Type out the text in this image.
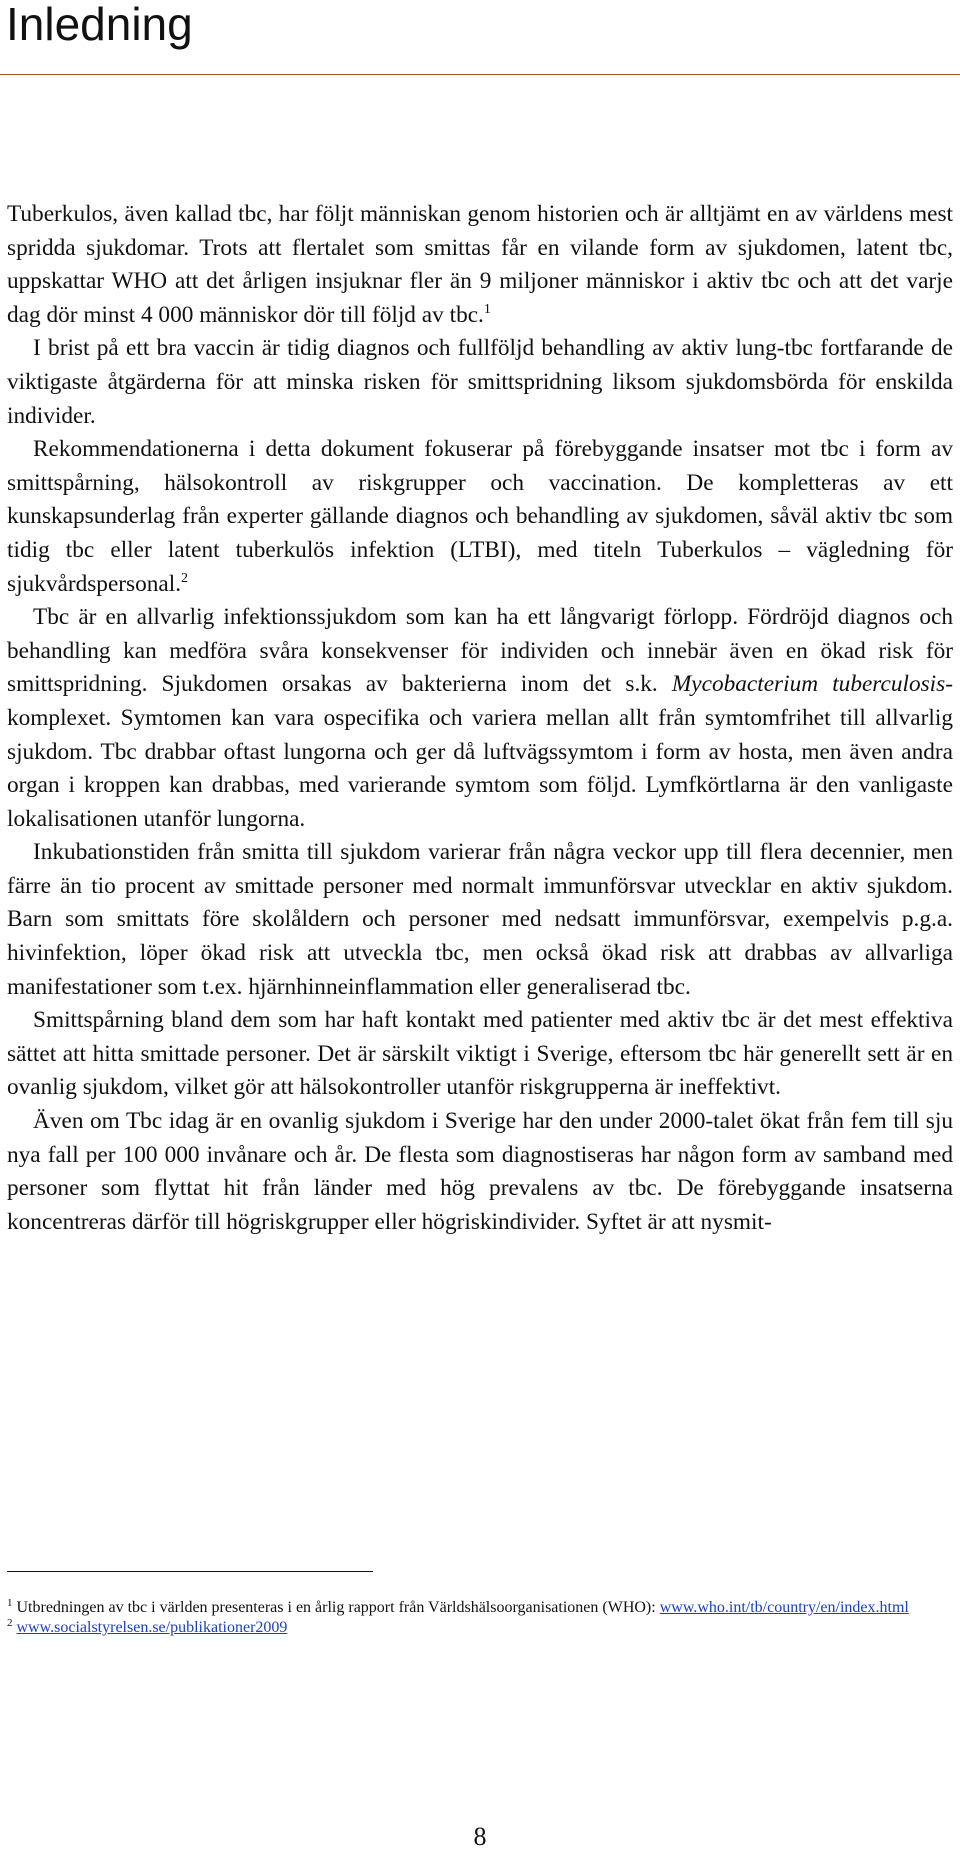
Inledning

Tuberkulos, även kallad tbc, har följt människan genom historien och är alltjämt en av världens mest spridda sjukdomar. Trots att flertalet som smittas får en vilande form av sjukdomen, latent tbc, uppskattar WHO att det årligen insjuknar fler än 9 miljoner människor i aktiv tbc och att det varje dag dör minst 4 000 människor dör till följd av tbc.$^1$

I brist på ett bra vaccin är tidig diagnos och fullföljd behandling av aktiv lung-tbc fortfarande de viktigaste åtgärderna för att minska risken för smittspridning liksom sjukdomsbörda för enskilda individer.

Rekommendationerna i detta dokument fokuserar på förebyggande insatser mot tbc i form av smittspårning, hälsokontroll av riskgrupper och vaccination. De kompletteras av ett kunskapsunderlag från experter gällande diagnos och behandling av sjukdomen, såväl aktiv tbc som tidig tbc eller latent tuberkulös infektion (LTBI), med titeln Tuberkulos – vägledning för sjukvårdspersonal.$^2$

Tbc är en allvarlig infektionssjukdom som kan ha ett långvarigt förlopp. Fördröjd diagnos och behandling kan medföra svåra konsekvenser för individen och innebär även en ökad risk för smittspridning. Sjukdomen orsakas av bakterierna inom det s.k. Mycobacterium tuberculosis-komplexet. Symtomen kan vara ospecifika och variera mellan allt från symtomfrihet till allvarlig sjukdom. Tbc drabbar oftast lungorna och ger då luftvägssymtom i form av hosta, men även andra organ i kroppen kan drabbas, med varierande symtom som följd. Lymfkörtlarna är den vanligaste lokalisationen utanför lungorna.

Inkubationstiden från smitta till sjukdom varierar från några veckor upp till flera decennier, men färre än tio procent av smittade personer med normalt immunförsvar utvecklar en aktiv sjukdom. Barn som smittats före skolåldern och personer med nedsatt immunförsvar, exempelvis p.g.a. hivinfektion, löper ökad risk att utveckla tbc, men också ökad risk att drabbas av allvarliga manifestationer som t.ex. hjärnhinneinflammation eller generaliserad tbc.

Smittspårning bland dem som har haft kontakt med patienter med aktiv tbc är det mest effektiva sättet att hitta smittade personer. Det är särskilt viktigt i Sverige, eftersom tbc här generellt sett är en ovanlig sjukdom, vilket gör att hälsokontroller utanför riskgrupperna är ineffektivt.

Även om Tbc idag är en ovanlig sjukdom i Sverige har den under 2000-talet ökat från fem till sju nya fall per 100 000 invånare och år. De flesta som diagnostiseras har någon form av samband med personer som flyttat hit från länder med hög prevalens av tbc. De förebyggande insatserna koncentreras därför till högriskgrupper eller högriskindivider. Syftet är att nysmit-

$^1$ Utbredningen av tbc i världen presenteras i en årlig rapport från Världshälsoorganisationen (WHO): www.who.int/tb/country/en/index.html

$^2$ www.socialstyrelsen.se/publikationer2009

8
